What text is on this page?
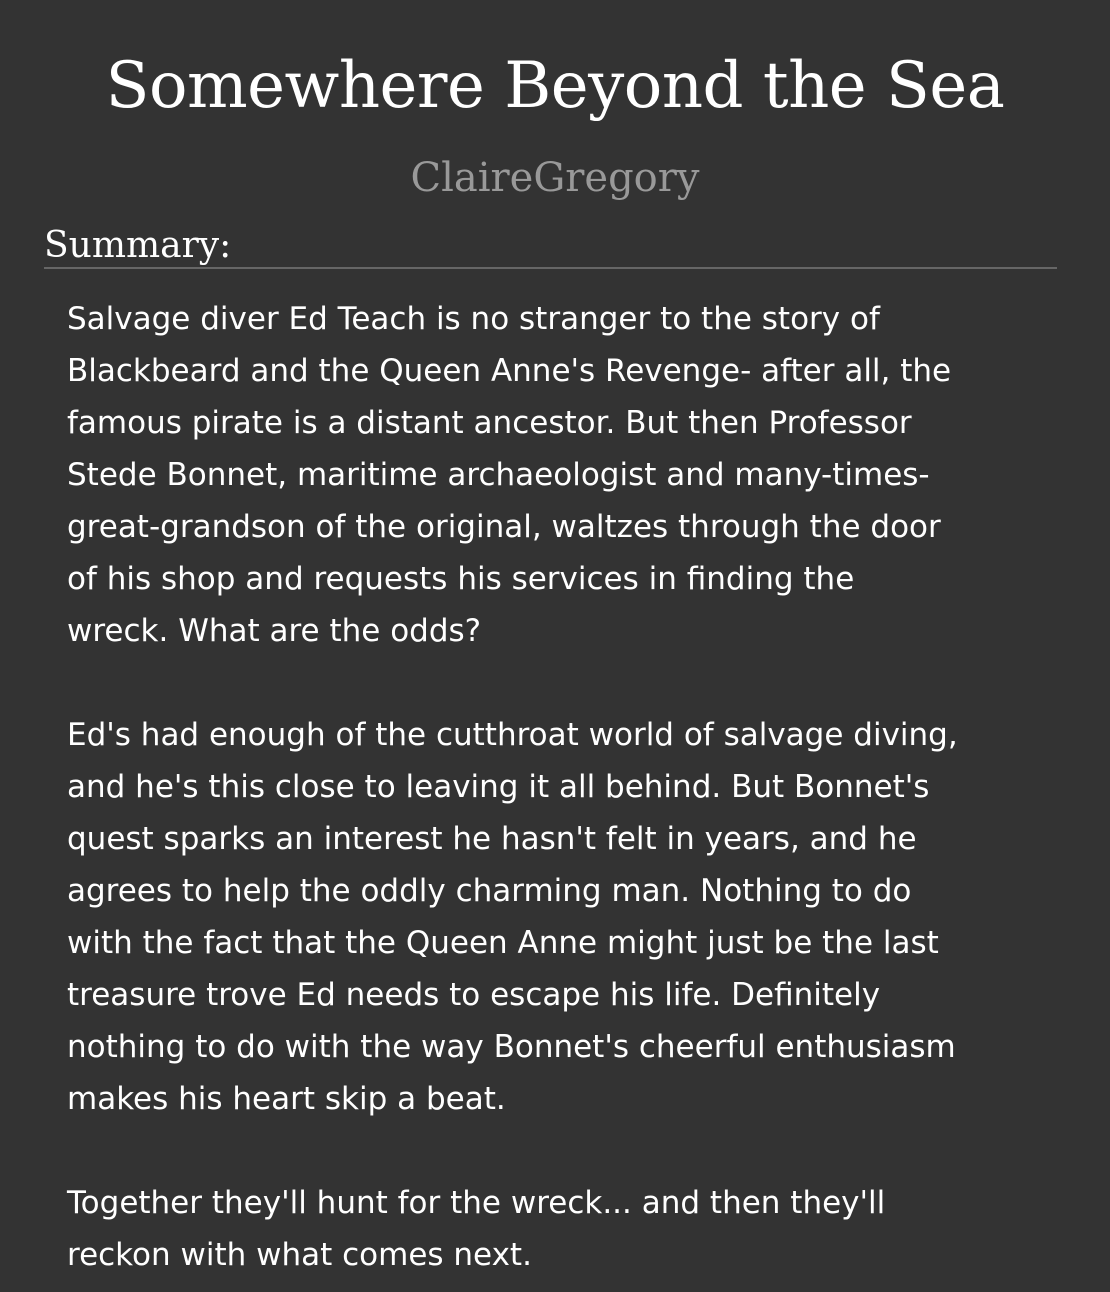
Somewhere Beyond the Sea
ClaireGregory
Summary:

Salvage diver Ed Teach is no stranger to the story of
Blackbeard and the Queen Anne's Revenge- after all, the
famous pirate is a distant ancestor. But then Professor
Stede Bonnet, maritime archaeologist and many-times-
great-grandson of the original, waltzes through the door
of his shop and requests his services in finding the
wreck. What are the odds?

Ed's had enough of the cutthroat world of salvage diving,
and he's this close to leaving it all behind. But Bonnet's
quest sparks an interest he hasn't felt in years, and he
agrees to help the oddly charming man. Nothing to do
with the fact that the Queen Anne might just be the last
treasure trove Ed needs to escape his life. Definitely
nothing to do with the way Bonnet's cheerful enthusiasm
makes his heart skip a beat.

Together they'll hunt for the wreck... and then they'll
reckon with what comes next.
